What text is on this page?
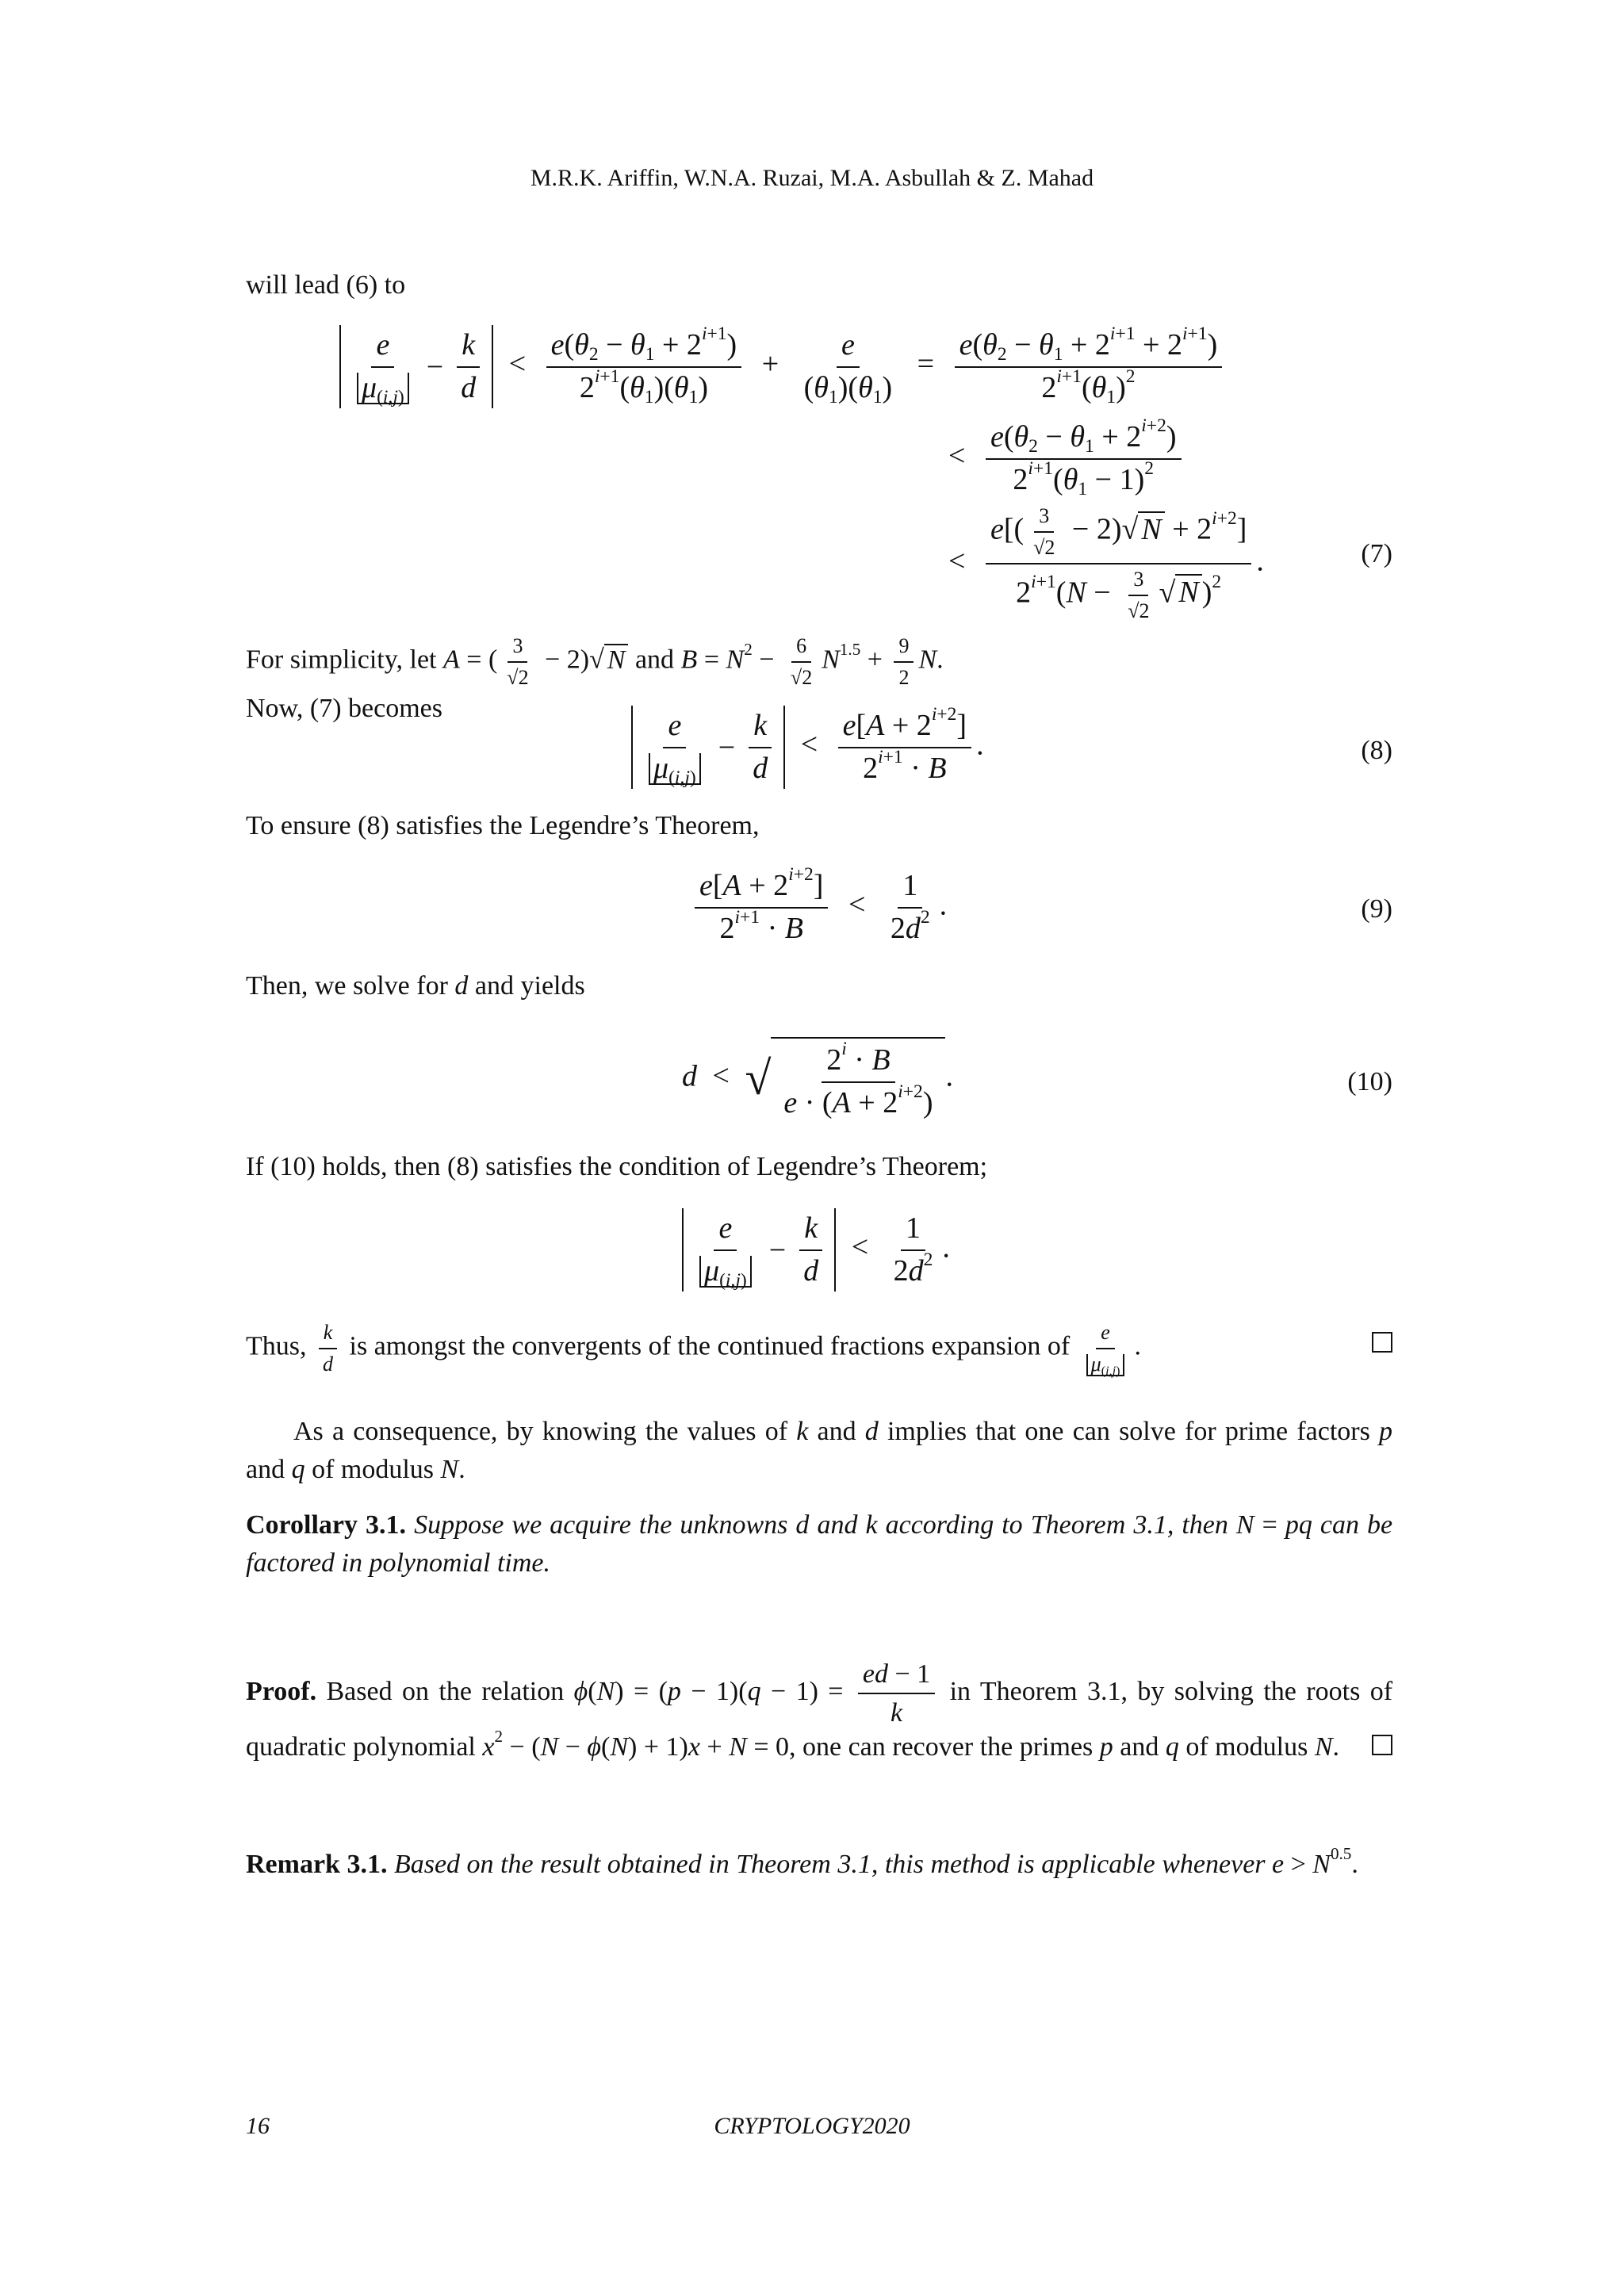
M.R.K. Ariffin, W.N.A. Ruzai, M.A. Asbullah & Z. Mahad
will lead (6) to
$\frac{e}{\mu_{(i,j)}} - \frac{k}{d} < \frac{e(\theta_2 - \theta_1 + 2^{i+1})}{2^{i+1}(\theta_1)(\theta_1)} + \frac{e}{(\theta_1)(\theta_1)} = \frac{e(\theta_2 - \theta_1 + 2^{i+1} + 2^{i+1})}{2^{i+1}(\theta_1)^2}$
< $\frac{e(\theta_2 - \theta_1 + 2^{i+2})}{2^{i+1}(\theta_1 - 1)^2}$
< $\frac{e[( \frac{3}{√2} - 2)√ N + 2^{i+2}]}{2^{i+1}(N - \frac{3}{√2} √ N )^2}$ .	(7)
For simplicity, let A = ( $\frac{3}{√2} - 2)√$ N and $B = N^2 - \frac{6}{√2} N^{1.5} + \frac{9}{2} N$.
Now, (7) becomes
$\frac{e}{\mu_{(i,j)}} - \frac{k}{d} < \frac{e[A + 2^{i+2}]}{2^{i+1} \cdot B}$ .	(8)
To ensure (8) satisfies the Legendre’s Theorem,
$\frac{e[A + 2^{i+2}]}{2^{i+1} \cdot B} < \frac{1}{2d^2}$ .	(9)
Then, we solve for d and yields
d < √ $\frac{2^i \cdot B}{e \cdot (A + 2^{i+2})}$ .	(10)
If (10) holds, then (8) satisfies the condition of Legendre’s Theorem;
$\frac{e}{\mu_{(i,j)}} - \frac{k}{d} < \frac{1}{2d^2}$ .
Thus, $\frac{k}{d}$ is amongst the convergents of the continued fractions expansion of $\frac{e}{\mu_{(i,j)}}$ .
As a consequence, by knowing the values of k and d implies that one can solve for prime factors p and q of modulus N.
Corollary 3.1. Suppose we acquire the unknowns d and k according to Theorem 3.1, then N = pq can be factored in polynomial time.
Proof. Based on the relation $\phi(N) = (p - 1)(q - 1) = \frac{ed - 1}{k}$ in Theorem 3.1, by solving the roots of quadratic polynomial $x^2 - (N - \phi(N) + 1)x + N = 0$, one can recover the primes p and q of modulus N.
Remark 3.1. Based on the result obtained in Theorem 3.1, this method is applicable whenever $e > N^{0.5}$.
16	CRYPTOLOGY2020
